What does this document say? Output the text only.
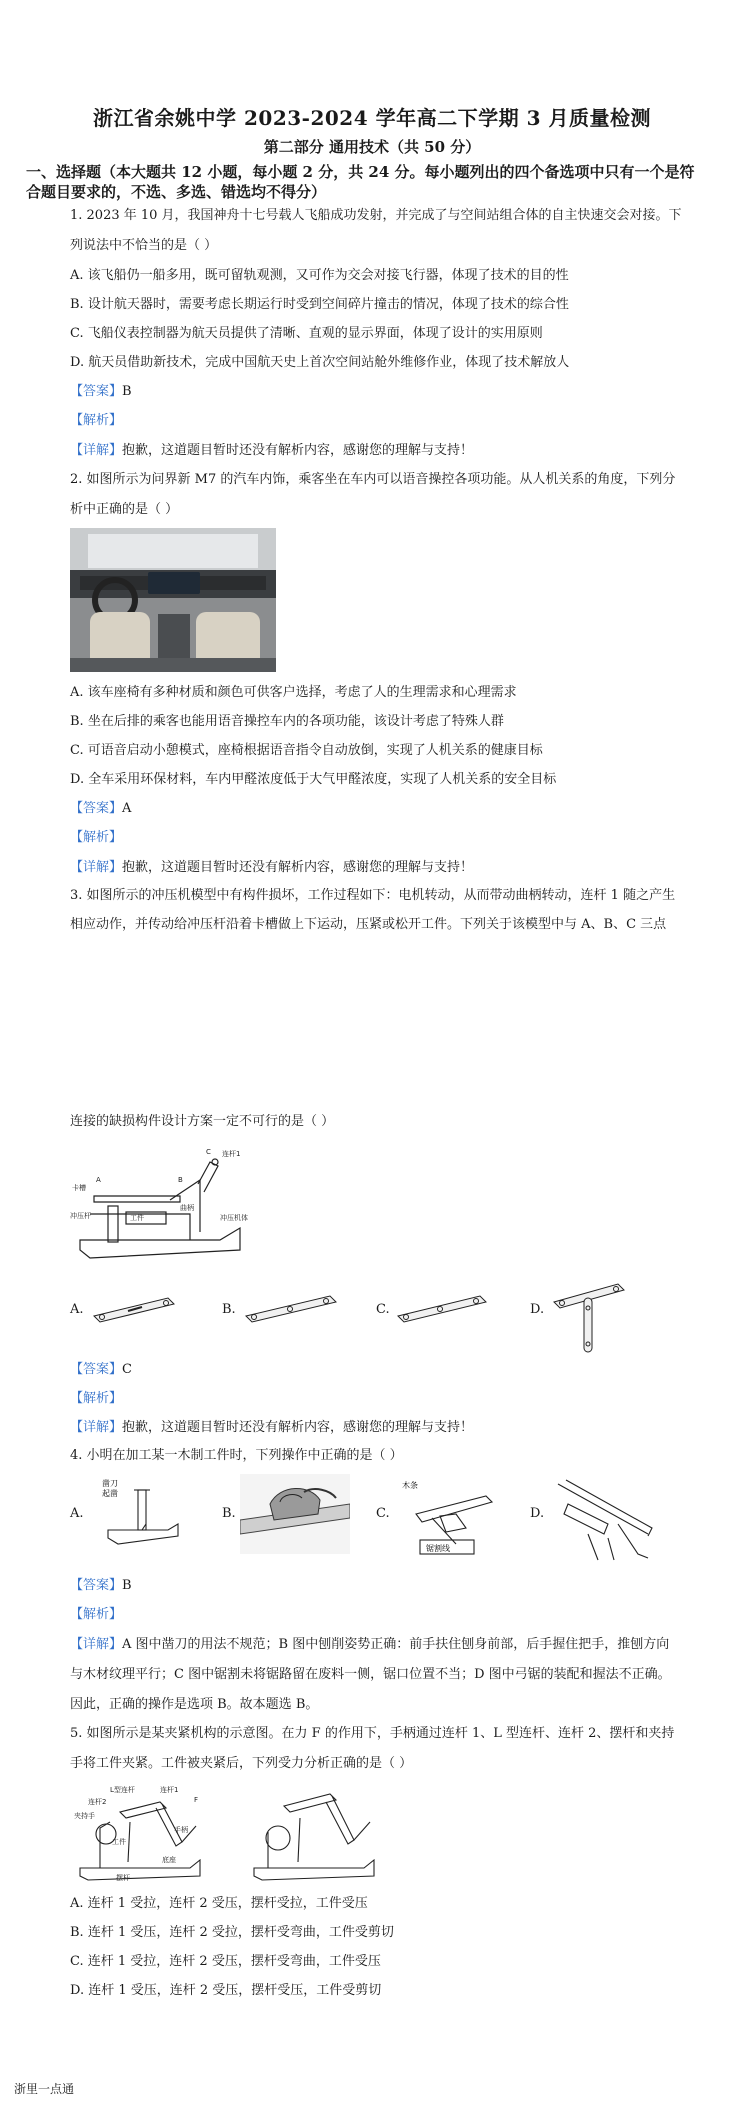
浙江省余姚中学 2023-2024 学年高二下学期 3 月质量检测
第二部分 通用技术（共 50 分）
一、选择题（本大题共 12 小题，每小题 2 分，共 24 分。每小题列出的四个备选项中只有一个是符合题目要求的，不选、多选、错选均不得分）
1. 2023 年 10 月，我国神舟十七号载人飞船成功发射，并完成了与空间站组合体的自主快速交会对接。下
列说法中不恰当的是（ ）
A. 该飞船仍一船多用，既可留轨观测，又可作为交会对接飞行器，体现了技术的目的性
B. 设计航天器时，需要考虑长期运行时受到空间碎片撞击的情况，体现了技术的综合性
C. 飞船仪表控制器为航天员提供了清晰、直观的显示界面，体现了设计的实用原则
D. 航天员借助新技术，完成中国航天史上首次空间站舱外维修作业，体现了技术解放人
【答案】B
【解析】
【详解】抱歉，这道题目暂时还没有解析内容，感谢您的理解与支持！
2. 如图所示为问界新 M7 的汽车内饰，乘客坐在车内可以语音操控各项功能。从人机关系的角度，下列分
析中正确的是（ ）
A. 该车座椅有多种材质和颜色可供客户选择，考虑了人的生理需求和心理需求
B. 坐在后排的乘客也能用语音操控车内的各项功能，该设计考虑了特殊人群
C. 可语音启动小憩模式，座椅根据语音指令自动放倒，实现了人机关系的健康目标
D. 全车采用环保材料，车内甲醛浓度低于大气甲醛浓度，实现了人机关系的安全目标
【答案】A
【解析】
【详解】抱歉，这道题目暂时还没有解析内容，感谢您的理解与支持！
3. 如图所示的冲压机模型中有构件损坏，工作过程如下：电机转动，从而带动曲柄转动，连杆 1 随之产生
相应动作，并传动给冲压杆沿着卡槽做上下运动，压紧或松开工件。下列关于该模型中与 A、B、C 三点
连接的缺损构件设计方案一定不可行的是（ ）
C 连杆1
卡槽
A	B
冲压杆	工件
曲柄
冲压机体
A.	B.	C.	D.
【答案】C
【解析】
【详解】抱歉，这道题目暂时还没有解析内容，感谢您的理解与支持！
4. 小明在加工某一木制工件时，下列操作中正确的是（ ）
A.
凿刀
起凿
B.	C.
木条
锯割线
D.
【答案】B
【解析】
【详解】A 图中凿刀的用法不规范；B 图中刨削姿势正确：前手扶住刨身前部，后手握住把手，推刨方向
与木材纹理平行；C 图中锯割未将锯路留在废料一侧，锯口位置不当；D 图中弓锯的装配和握法不正确。
因此，正确的操作是选项 B。故本题选 B。
5. 如图所示是某夹紧机构的示意图。在力 F 的作用下，手柄通过连杆 1、L 型连杆、连杆 2、摆杆和夹持
手将工件夹紧。工件被夹紧后，下列受力分析正确的是（ ）
L型连杆	连杆1
连杆2	F
夹持手
手柄
工件
底座
摆杆
A. 连杆 1 受拉，连杆 2 受压，摆杆受拉，工件受压
B. 连杆 1 受压，连杆 2 受拉，摆杆受弯曲，工件受剪切
C. 连杆 1 受拉，连杆 2 受压，摆杆受弯曲，工件受压
D. 连杆 1 受压，连杆 2 受压，摆杆受压，工件受剪切
浙里一点通
